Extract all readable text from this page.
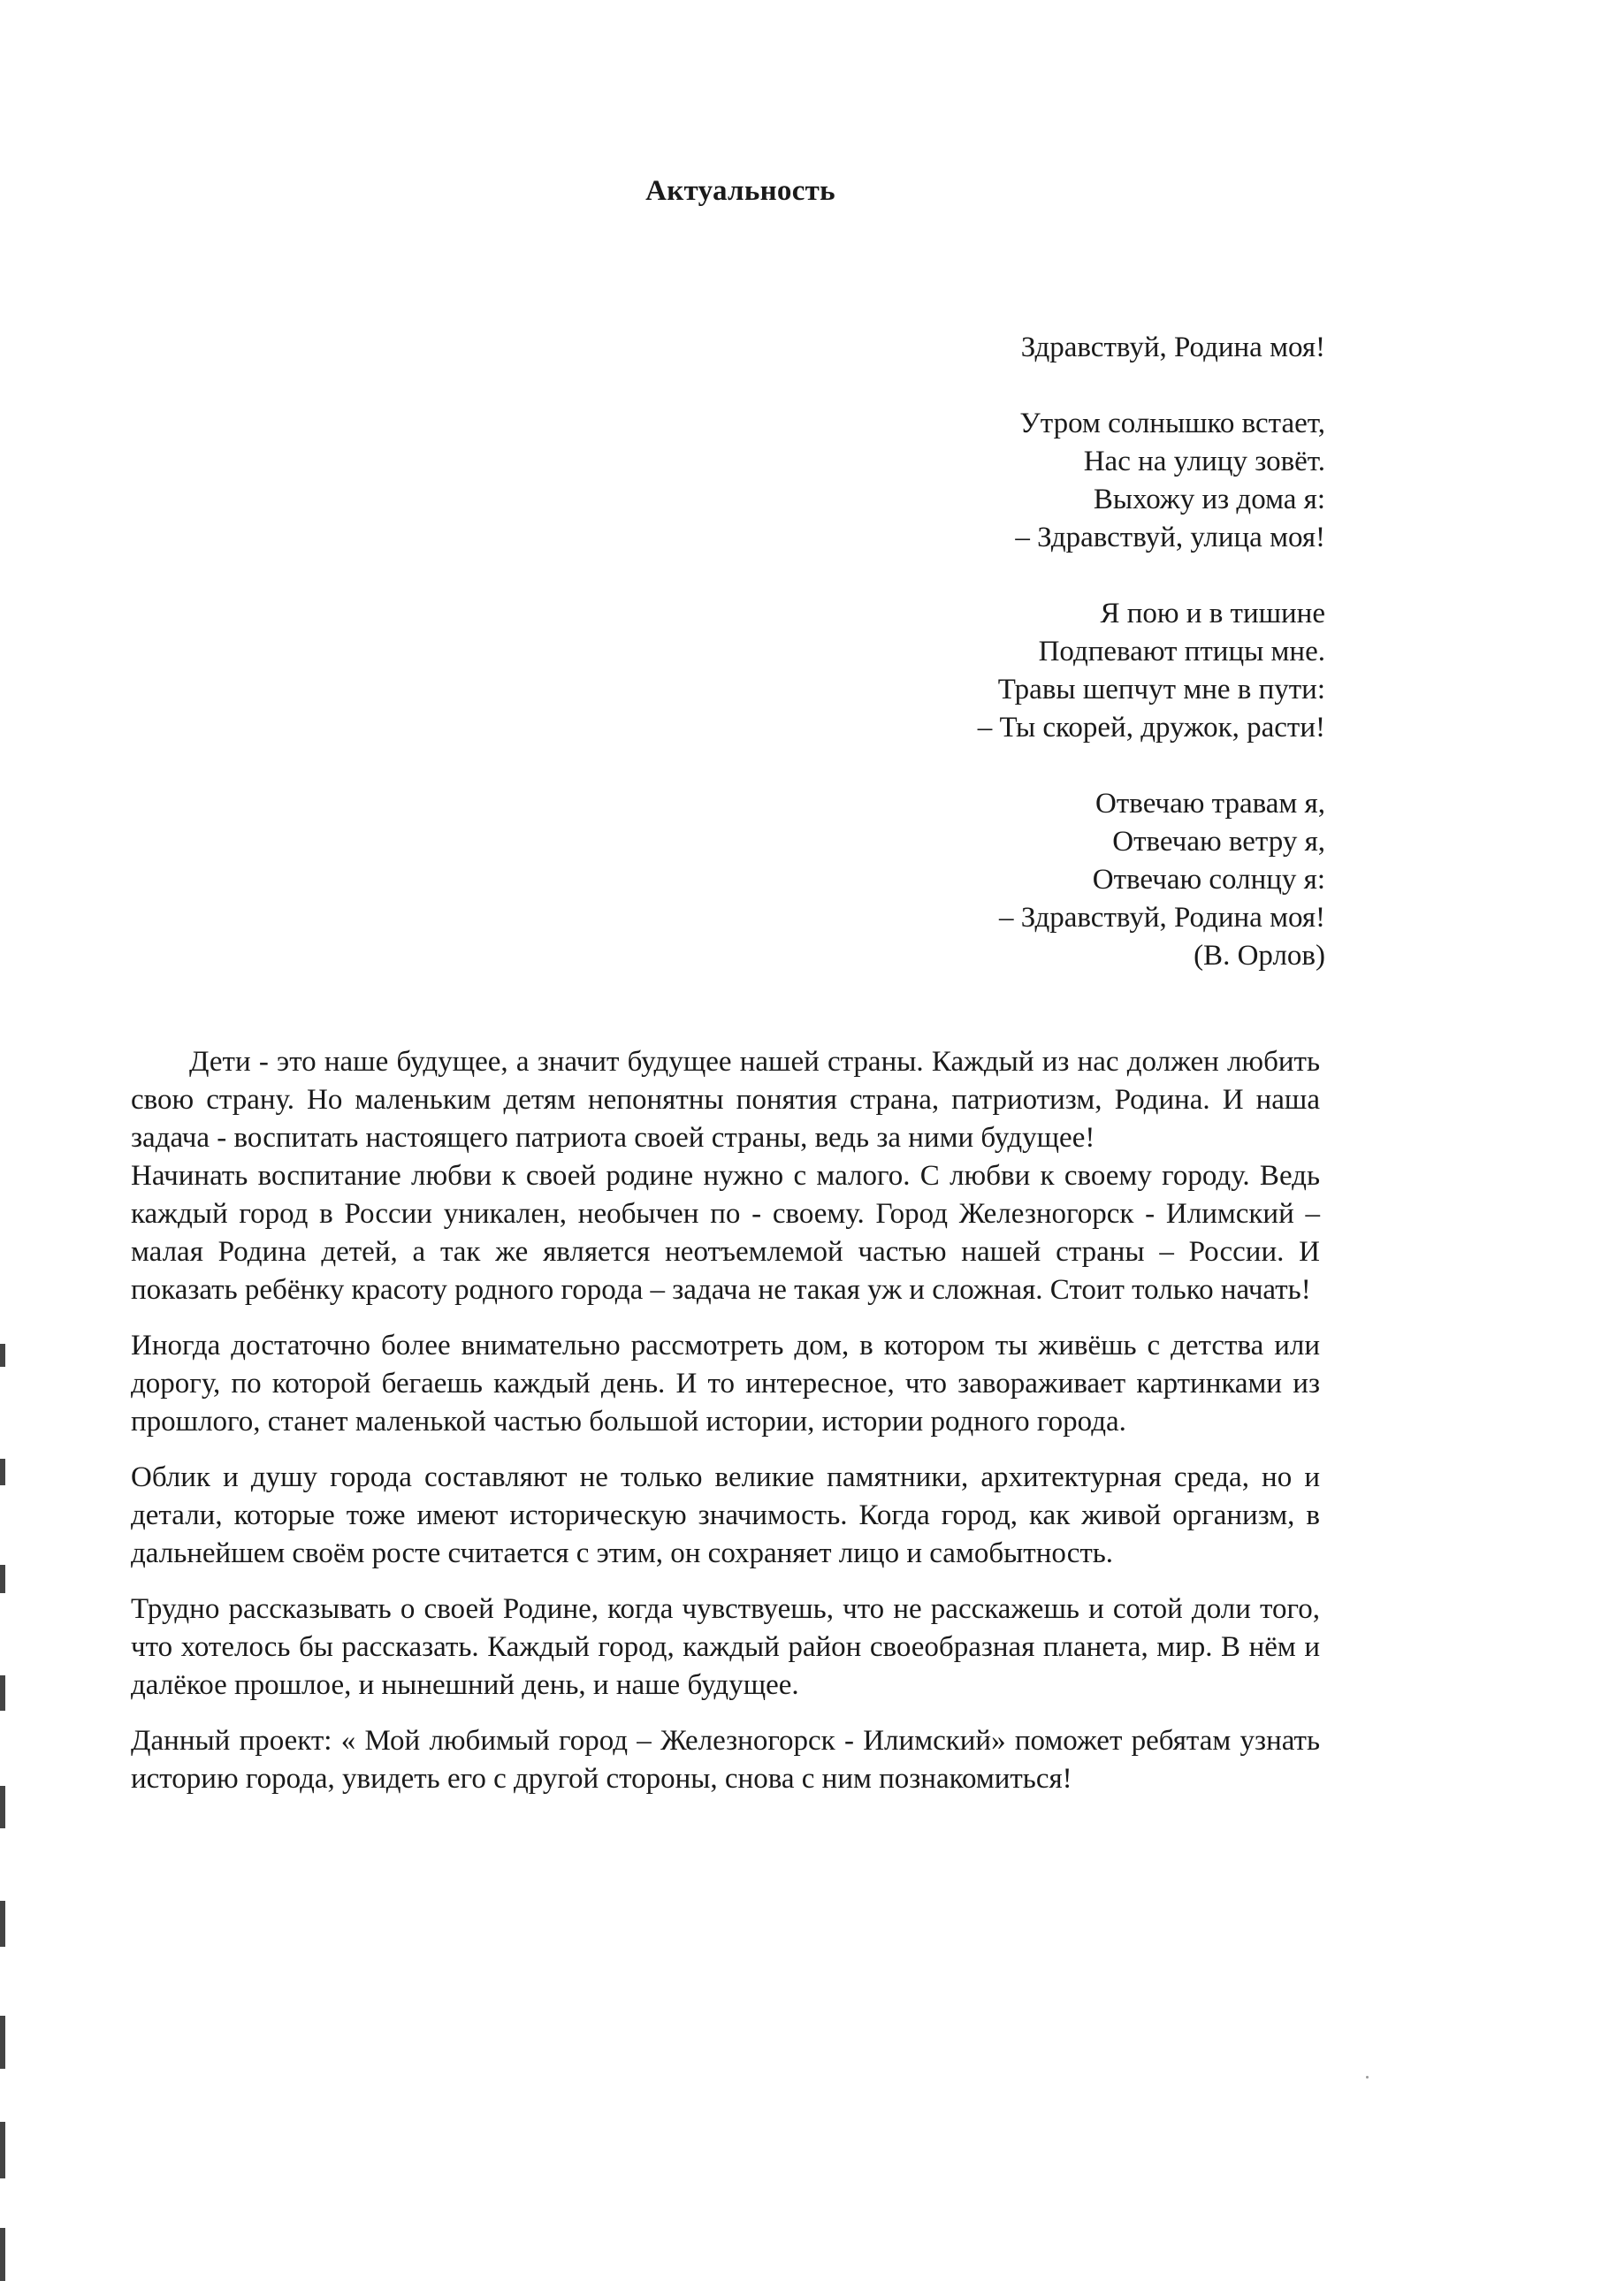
Актуальность
Здравствуй, Родина моя!
Утром солнышко встает,
Нас на улицу зовёт.
Выхожу из дома я:
– Здравствуй, улица моя!
Я пою и в тишине
Подпевают птицы мне.
Травы шепчут мне в пути:
– Ты скорей, дружок, расти!
Отвечаю травам я,
Отвечаю ветру я,
Отвечаю солнцу я:
– Здравствуй, Родина моя!
(В. Орлов)

Дети - это наше будущее, а значит будущее нашей страны. Каждый из нас должен любить свою страну. Но маленьким детям непонятны понятия страна, патриотизм, Родина. И наша задача - воспитать настоящего патриота своей страны, ведь за ними будущее!

Начинать воспитание любви к своей родине нужно с малого. С любви к своему городу. Ведь каждый город в России уникален, необычен по - своему. Город Железногорск - Илимский – малая Родина детей, а так же является неотъемлемой частью нашей страны – России. И показать ребёнку красоту родного города – задача не такая уж и сложная. Стоит только начать!

Иногда достаточно более внимательно рассмотреть дом, в котором ты живёшь с детства или дорогу, по которой бегаешь каждый день. И то интересное, что завораживает картинками из прошлого, станет маленькой частью большой истории, истории родного города.

Облик и душу города составляют не только великие памятники, архитектурная среда, но и детали, которые тоже имеют историческую значимость. Когда город, как живой организм, в дальнейшем своём росте считается с этим, он сохраняет лицо и самобытность.

Трудно рассказывать о своей Родине, когда чувствуешь, что не расскажешь и сотой доли того, что хотелось бы рассказать. Каждый город, каждый район своеобразная планета, мир. В нём и далёкое прошлое, и нынешний день, и наше будущее.

Данный проект: « Мой любимый город – Железногорск - Илимский» поможет ребятам узнать историю города, увидеть его с другой стороны, снова с ним познакомиться!
